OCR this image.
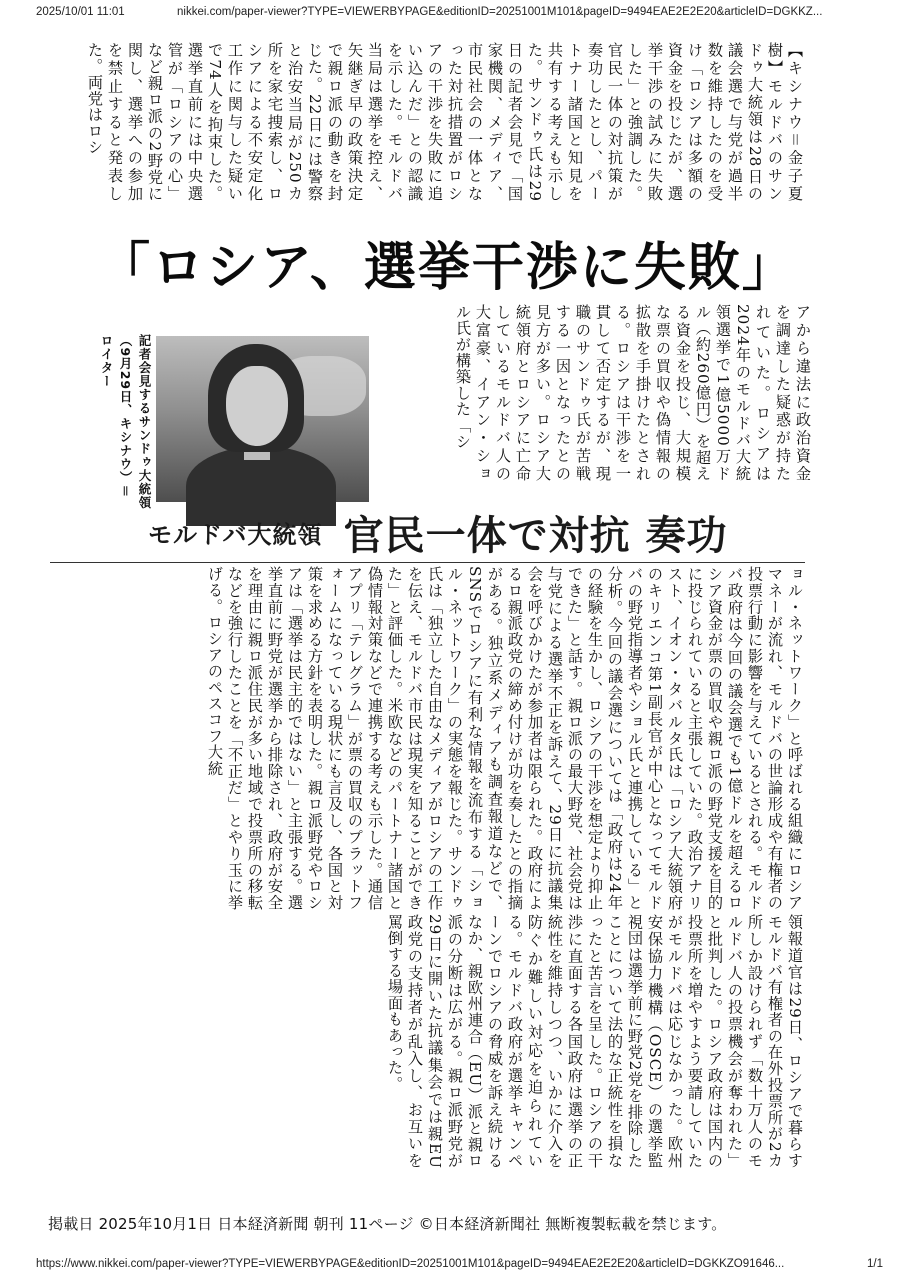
2025/10/01 11:01	nikkei.com/paper-viewer?TYPE=VIEWERBYPAGE&editionID=20251001M101&pageID=9494EAE2E2E20&articleID=DGKKZ...
【キシナウ＝金子夏樹】モルドバのサンドゥ大統領は28日の議会選で与党が過半数を維持したのを受け「ロシアは多額の資金を投じたが、選挙干渉の試みに失敗した」と強調した。官民一体の対抗策が奏功したとし、パートナー諸国と知見を共有する考えも示した。サンドゥ氏は29日の記者会見で「国家機関、メディア、市民社会の一体となった対抗措置がロシアの干渉を失敗に追い込んだ」との認識を示した。モルドバ当局は選挙を控え、矢継ぎ早の政策決定で親ロ派の動きを封じた。22日には警察と治安当局が250カ所を家宅捜索し、ロシアによる不安定化工作に関与した疑いで74人を拘束した。選挙直前には中央選管が「ロシアの心」など親ロ派の2野党に関し、選挙への参加を禁止すると発表した。両党はロシ
「ロシア、選挙干渉に失敗」
アから違法に政治資金を調達した疑惑が持たれていた。ロシアは2024年のモルドバ大統領選挙で1億5000万ドル（約260億円）を超える資金を投じ、大規模な票の買収や偽情報の拡散を手掛けたとされる。ロシアは干渉を一貫して否定するが、現職のサンドゥ氏が苦戦する一因となったとの見方が多い。ロシア大統領府とロシアに亡命しているモルドバ人の大富豪、イアン・ショル氏が構築した「シ
記者会見するサンドゥ大統領（9月29日、キシナウ）＝ロイター
モルドバ大統領 官民一体で対抗 奏功
ョル・ネットワーク」と呼ばれる組織にロシアマネーが流れ、モルドバの世論形成や有権者の投票行動に影響を与えているとされる。モルドバ政府は今回の議会選でも1億ドルを超えるロシア資金が票の買収や親ロ派の野党支援を目的に投じられていると主張していた。政治アナリスト、イオン・タバルタ氏は「ロシア大統領府のキリエンコ第1副長官が中心となってモルドバの野党指導者やショル氏と連携している」と分析。今回の議会選については「政府は24年の経験を生かし、ロシアの干渉を想定より抑止できた」と話す。親ロ派の最大野党、社会党は与党による選挙不正を訴えて、29日に抗議集会を呼びかけたが参加者は限られた。政府によるロ親派政党の締め付けが功を奏したとの指摘がある。独立系メディアも調査報道などで、SNSでロシアに有利な情報を流布する「ショル・ネットワーク」の実態を報じた。サンドゥ氏は「独立した自由なメディアがロシアの工作を伝え、モルドバ市民は現実を知ることができた」と評価した。米欧などのパートナー諸国と偽情報対策などで連携する考えも示した。通信アプリ「テレグラム」が票の買収のプラットフォームになっている現状にも言及し、各国と対策を求める方針を表明した。親ロ派野党やロシアは「選挙は民主的ではない」と主張する。選挙直前に野党が選挙から排除され、政府が安全を理由に親ロ派住民が多い地域で投票所の移転などを強行したことを「不正だ」とやり玉に挙げる。ロシアのペスコフ大統
領報道官は29日、ロシアで暮らすモルドバ有権者の在外投票所が2カ所しか設けられず「数十万人のモルドバ人の投票機会が奪われた」と批判した。ロシア政府は国内の投票所を増やすよう要請していたがモルドバは応じなかった。欧州安保協力機構（OSCE）の選挙監視団は選挙前に野党2党を排除したことについて法的な正統性を損なったと苦言を呈した。ロシアの干渉に直面する各国政府は選挙の正統性を維持しつつ、いかに介入を防ぐか難しい対応を迫られている。モルドバ政府が選挙キャンペーンでロシアの脅威を訴え続けるなか、親欧州連合（EU）派と親ロ派の分断は広がる。親ロ派野党が29日に開いた抗議集会では親EU政党の支持者が乱入し、お互いを罵倒する場面もあった。
掲載日 2025年10月1日 日本経済新聞 朝刊 11ページ ©日本経済新聞社 無断複製転載を禁じます。
https://www.nikkei.com/paper-viewer?TYPE=VIEWERBYPAGE&editionID=20251001M101&pageID=9494EAE2E2E20&articleID=DGKKZO91646...	1/1
